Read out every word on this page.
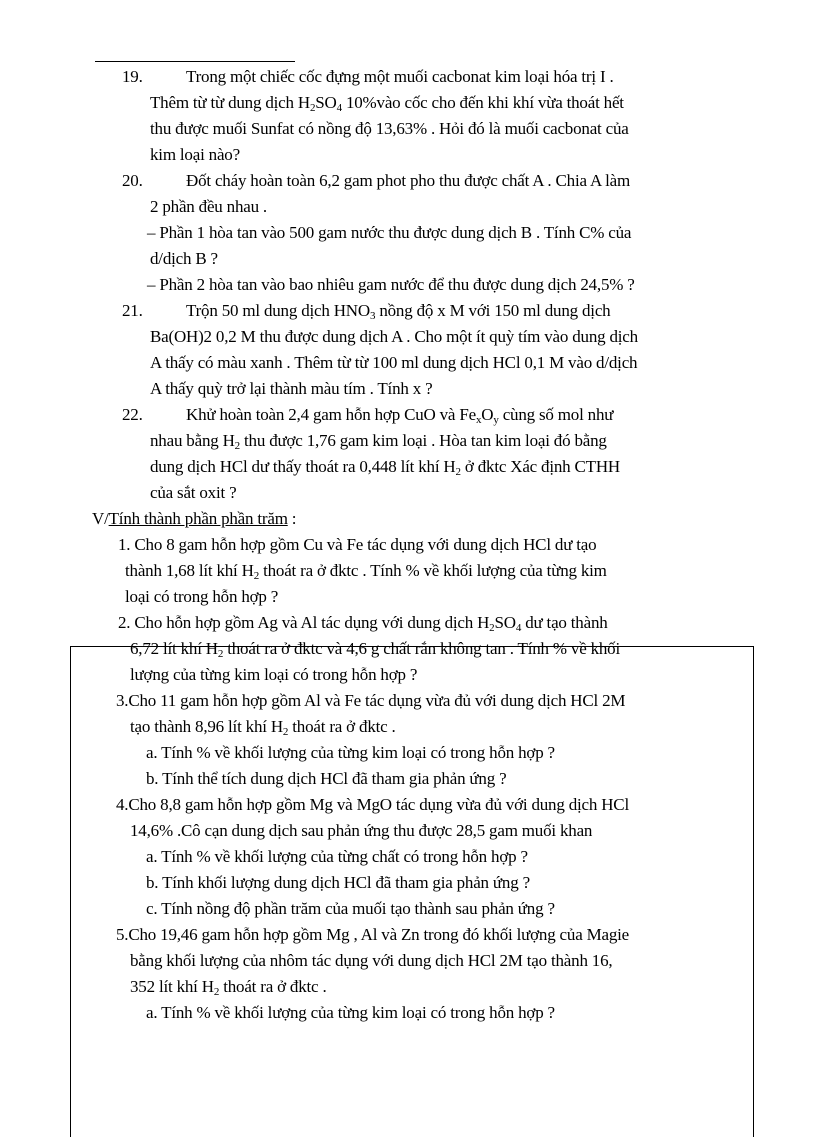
19.	Trong một chiếc cốc đựng một muối cacbonat kim loại hóa trị I .
Thêm từ từ dung dịch $H_2SO_4$ 10%vào cốc cho đến khi khí vừa thoát hết
thu được muối Sunfat có nồng độ 13,63% . Hỏi đó là muối cacbonat của
kim loại nào?
20.	Đốt cháy hoàn toàn 6,2 gam phot pho thu được chất A . Chia A làm
2 phần đều nhau .
– Phần 1 hòa tan vào 500 gam nước thu được dung dịch B . Tính C% của
d/dịch B ?
– Phần 2 hòa tan vào bao nhiêu gam nước để thu được dung dịch 24,5% ?
21.	Trộn 50 ml dung dịch $HNO_3$ nồng độ x M với 150 ml dung dịch
Ba(OH)2 0,2 M thu được dung dịch A . Cho một ít quỳ tím vào dung dịch
A thấy có màu xanh . Thêm từ từ 100 ml dung dịch HCl 0,1 M vào d/dịch
A thấy quỳ trở lại thành màu tím . Tính x ?
22.	Khử hoàn toàn 2,4 gam hỗn hợp CuO và $Fe_xO_y$ cùng số mol như
nhau bằng $H_2$ thu được 1,76 gam kim loại . Hòa tan kim loại đó bằng
dung dịch HCl dư thấy thoát ra 0,448 lít khí $H_2$ ở đktc Xác định CTHH
của sắt oxit ?
V/Tính thành phần phần trăm :
1. Cho 8 gam hỗn hợp gồm Cu và Fe tác dụng với dung dịch HCl dư tạo
thành 1,68 lít khí $H_2$ thoát ra ở đktc . Tính % về khối lượng của từng kim
loại có trong hỗn hợp ?
2. Cho hỗn hợp gồm Ag và Al tác dụng với dung dịch $H_2SO_4$ dư tạo thành
6,72 lít khí $H_2$ thoát ra ở đktc và 4,6 g chất rắn không tan . Tính % về khối
lượng của từng kim loại có trong hỗn hợp ?
3.Cho 11 gam hỗn hợp gồm Al và Fe tác dụng vừa đủ với dung dịch HCl 2M
tạo thành 8,96 lít khí $H_2$ thoát ra ở đktc .
a. Tính % về khối lượng của từng kim loại có trong hỗn hợp ?
b. Tính thể tích dung dịch HCl đã tham gia phản ứng ?
4.Cho 8,8 gam hỗn hợp gồm Mg và MgO tác dụng vừa đủ với dung dịch HCl
14,6% .Cô cạn dung dịch sau phản ứng thu được 28,5 gam muối khan
a. Tính % về khối lượng của từng chất có trong hỗn hợp ?
b. Tính khối lượng dung dịch HCl đã tham gia phản ứng ?
c. Tính nồng độ phần trăm của muối tạo thành sau phản ứng ?
5.Cho 19,46 gam hỗn hợp gồm Mg , Al và Zn trong đó khối lượng của Magie
bằng khối lượng của nhôm tác dụng với dung dịch HCl 2M tạo thành 16,
352 lít khí $H_2$ thoát ra ở đktc .
a. Tính % về khối lượng của từng kim loại có trong hỗn hợp ?
